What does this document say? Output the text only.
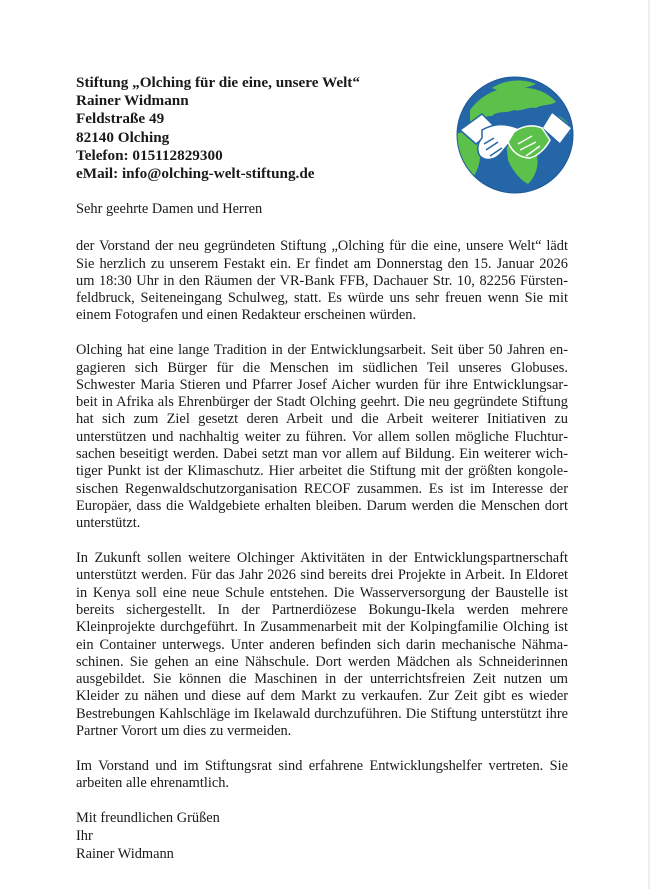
Stiftung „Olching für die eine, unsere Welt“
Rainer Widmann
Feldstraße 49
82140 Olching
Telefon: 015112829300
eMail: info@olching-welt-stiftung.de

Sehr geehrte Damen und Herren

der Vorstand der neu gegründeten Stiftung „Olching für die eine, unsere Welt“ lädt Sie herzlich zu unserem Festakt ein. Er findet am Donnerstag den 15. Januar 2026 um 18:30 Uhr in den Räumen der VR-Bank FFB, Dachauer Str. 10, 82256 Fürstenfeldbruck, Seiteneingang Schulweg, statt. Es würde uns sehr freuen wenn Sie mit einem Fotografen und einen Redakteur erscheinen würden.

Olching hat eine lange Tradition in der Entwicklungsarbeit. Seit über 50 Jahren engagieren sich Bürger für die Menschen im südlichen Teil unseres Globuses. Schwester Maria Stieren und Pfarrer Josef Aicher wurden für ihre Entwicklungsarbeit in Afrika als Ehrenbürger der Stadt Olching geehrt. Die neu gegründete Stiftung hat sich zum Ziel gesetzt deren Arbeit und die Arbeit weiterer Initiativen zu unterstützen und nachhaltig weiter zu führen. Vor allem sollen mögliche Fluchtursachen beseitigt werden. Dabei setzt man vor allem auf Bildung. Ein weiterer wichtiger Punkt ist der Klimaschutz. Hier arbeitet die Stiftung mit der größten kongolesischen Regenwaldschutzorganisation RECOF zusammen. Es ist im Interesse der Europäer, dass die Waldgebiete erhalten bleiben. Darum werden die Menschen dort unterstützt.

In Zukunft sollen weitere Olchinger Aktivitäten in der Entwicklungspartnerschaft unterstützt werden. Für das Jahr 2026 sind bereits drei Projekte in Arbeit. In Eldoret in Kenya soll eine neue Schule entstehen. Die Wasserversorgung der Baustelle ist bereits sichergestellt. In der Partnerdiözese Bokungu-Ikela werden mehrere Kleinprojekte durchgeführt. In Zusammenarbeit mit der Kolpingfamilie Olching ist ein Container unterwegs. Unter anderen befinden sich darin mechanische Nähmaschinen. Sie gehen an eine Nähschule. Dort werden Mädchen als Schneiderinnen ausgebildet. Sie können die Maschinen in der unterrichtsfreien Zeit nutzen um Kleider zu nähen und diese auf dem Markt zu verkaufen. Zur Zeit gibt es wieder Bestrebungen Kahlschläge im Ikelawald durchzuführen. Die Stiftung unterstützt ihre Partner Vorort um dies zu vermeiden.

Im Vorstand und im Stiftungsrat sind erfahrene Entwicklungshelfer vertreten. Sie arbeiten alle ehrenamtlich.

Mit freundlichen Grüßen
Ihr
Rainer Widmann
